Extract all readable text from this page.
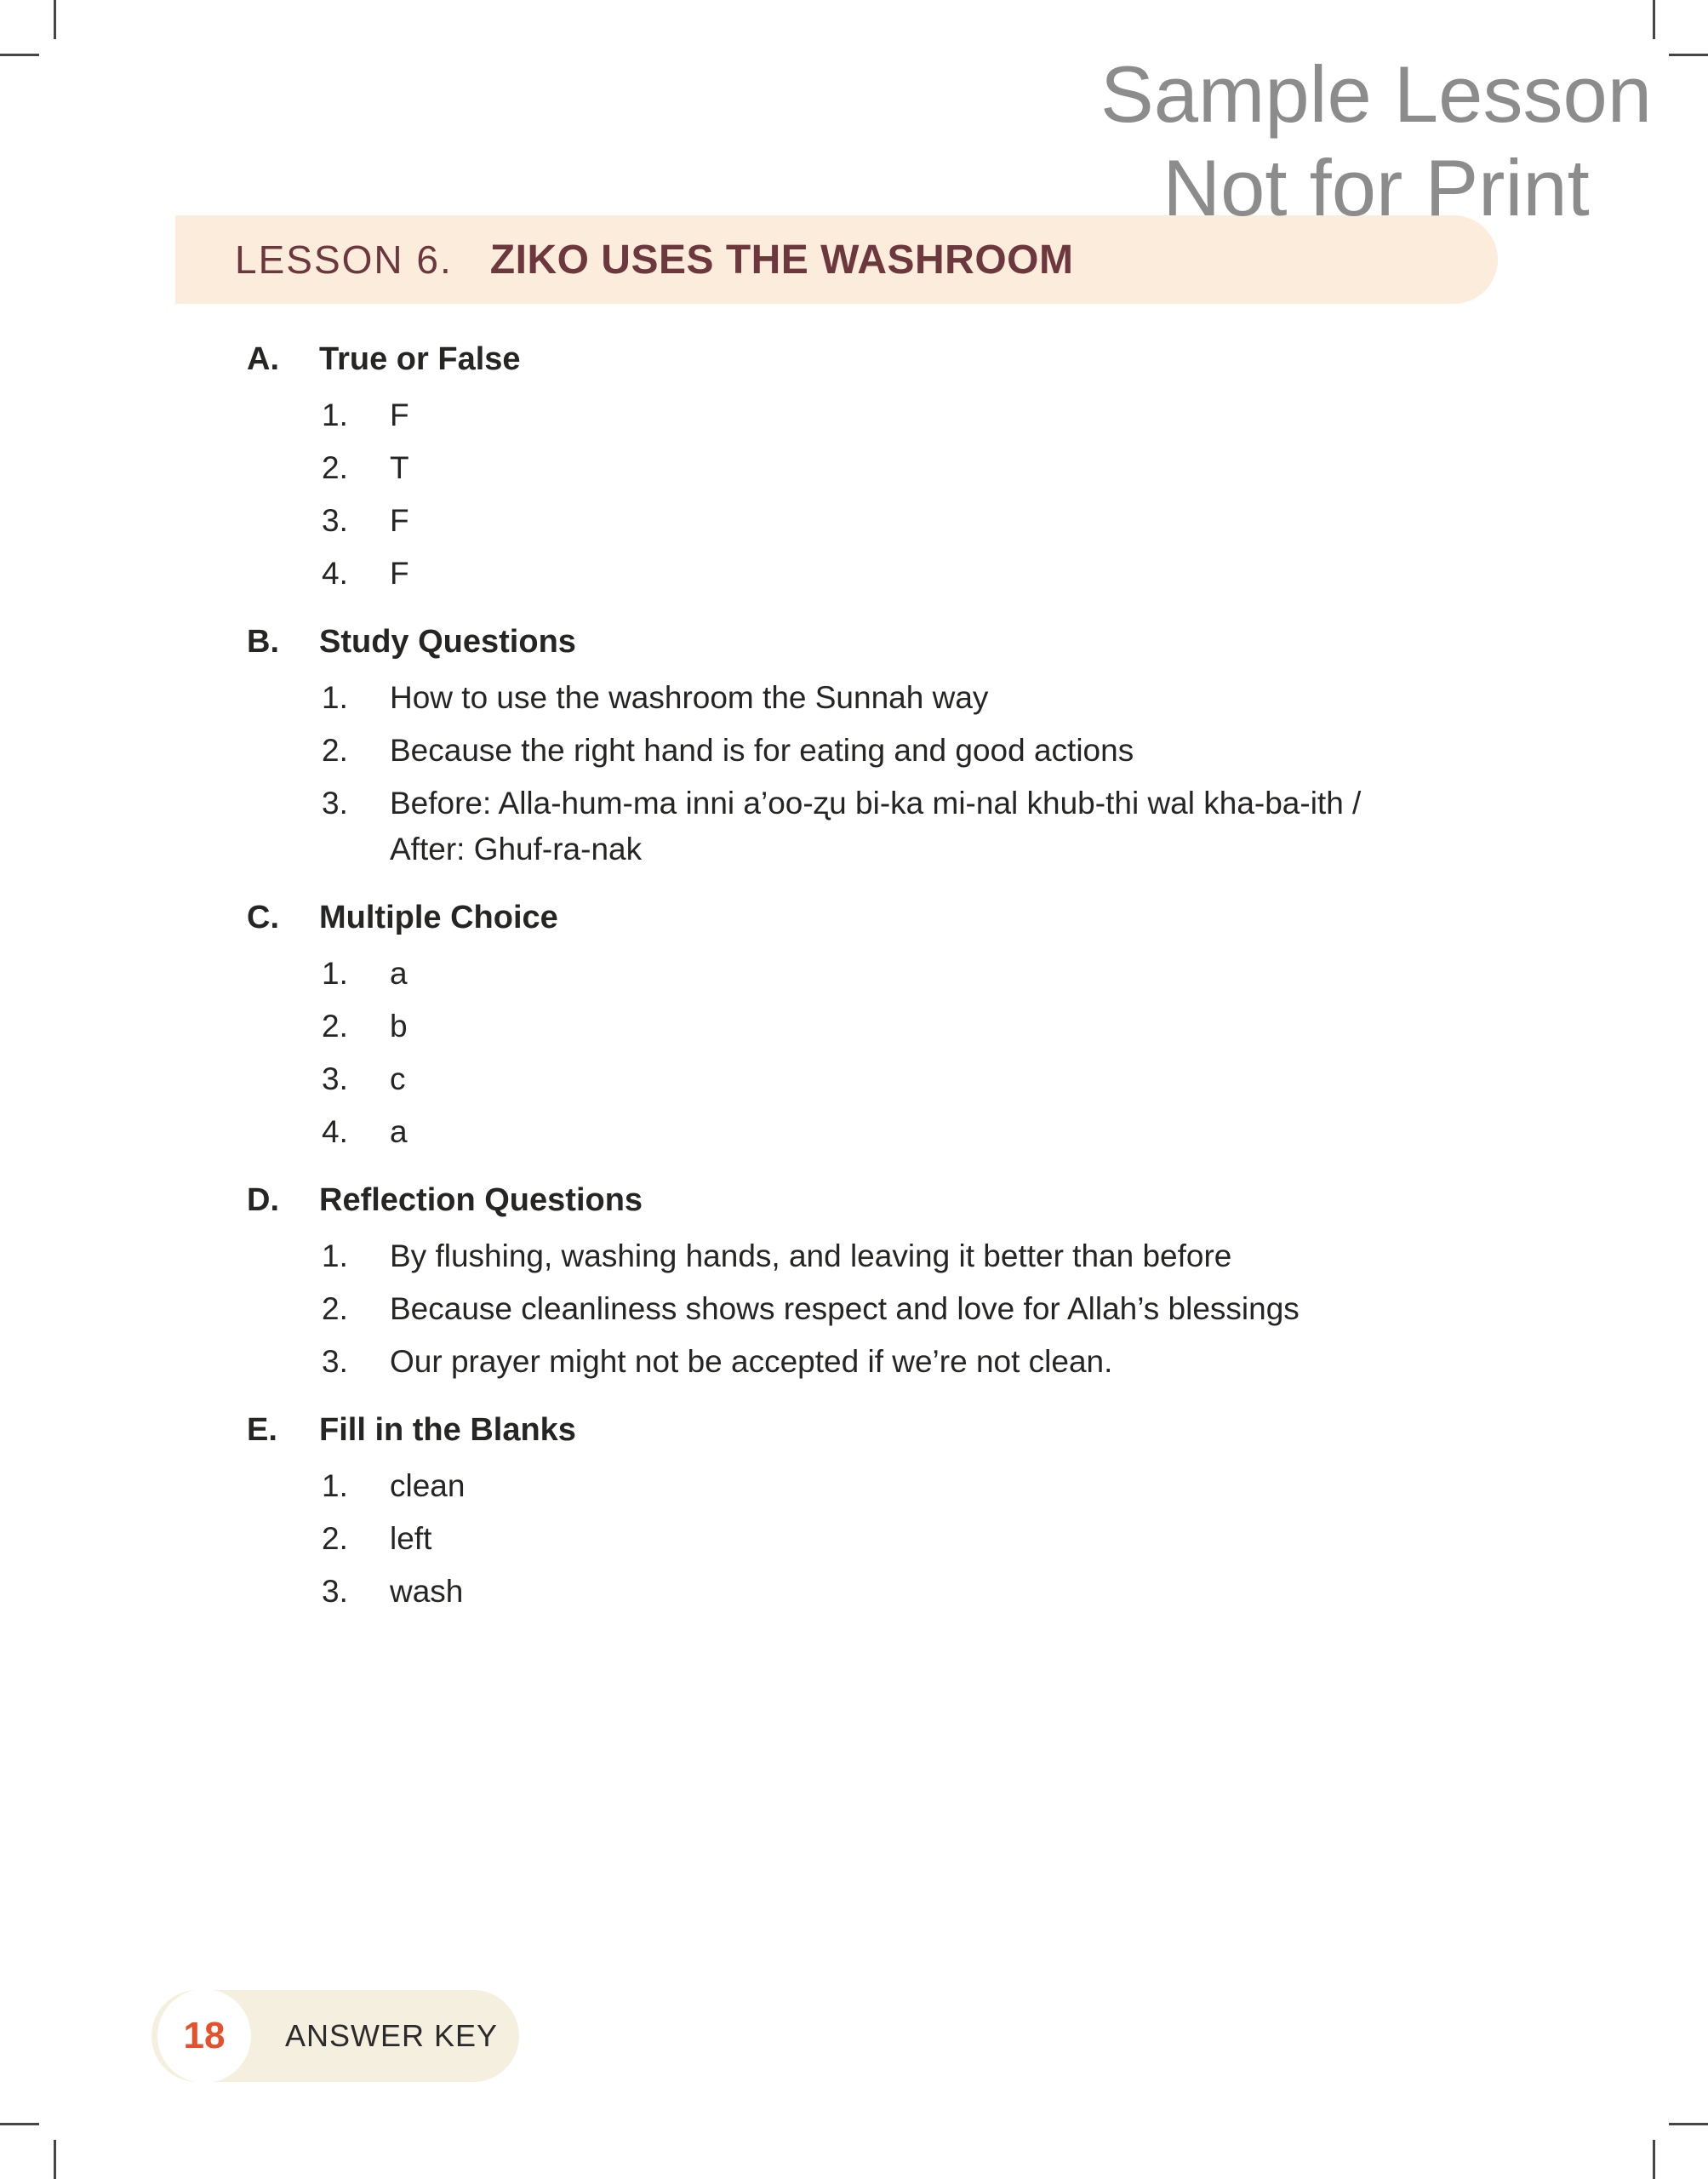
Sample Lesson
Not for Print
LESSON 6. ZIKO USES THE WASHROOM
A.	True or False
1.	F
2.	T
3.	F
4.	F
B.	Study Questions
1.	How to use the washroom the Sunnah way
2.	Because the right hand is for eating and good actions
3.	Before: Alla-hum-ma inni a’oo-ʐu bi-ka mi-nal khub-thi wal kha-ba-ith /
After: Ghuf-ra-nak
C.	Multiple Choice
1.	a
2.	b
3.	c
4.	a
D.	Reflection Questions
1.	By flushing, washing hands, and leaving it better than before
2.	Because cleanliness shows respect and love for Allah’s blessings
3.	Our prayer might not be accepted if we’re not clean.
E.	Fill in the Blanks
1.	clean
2.	left
3.	wash
18 ANSWER KEY
